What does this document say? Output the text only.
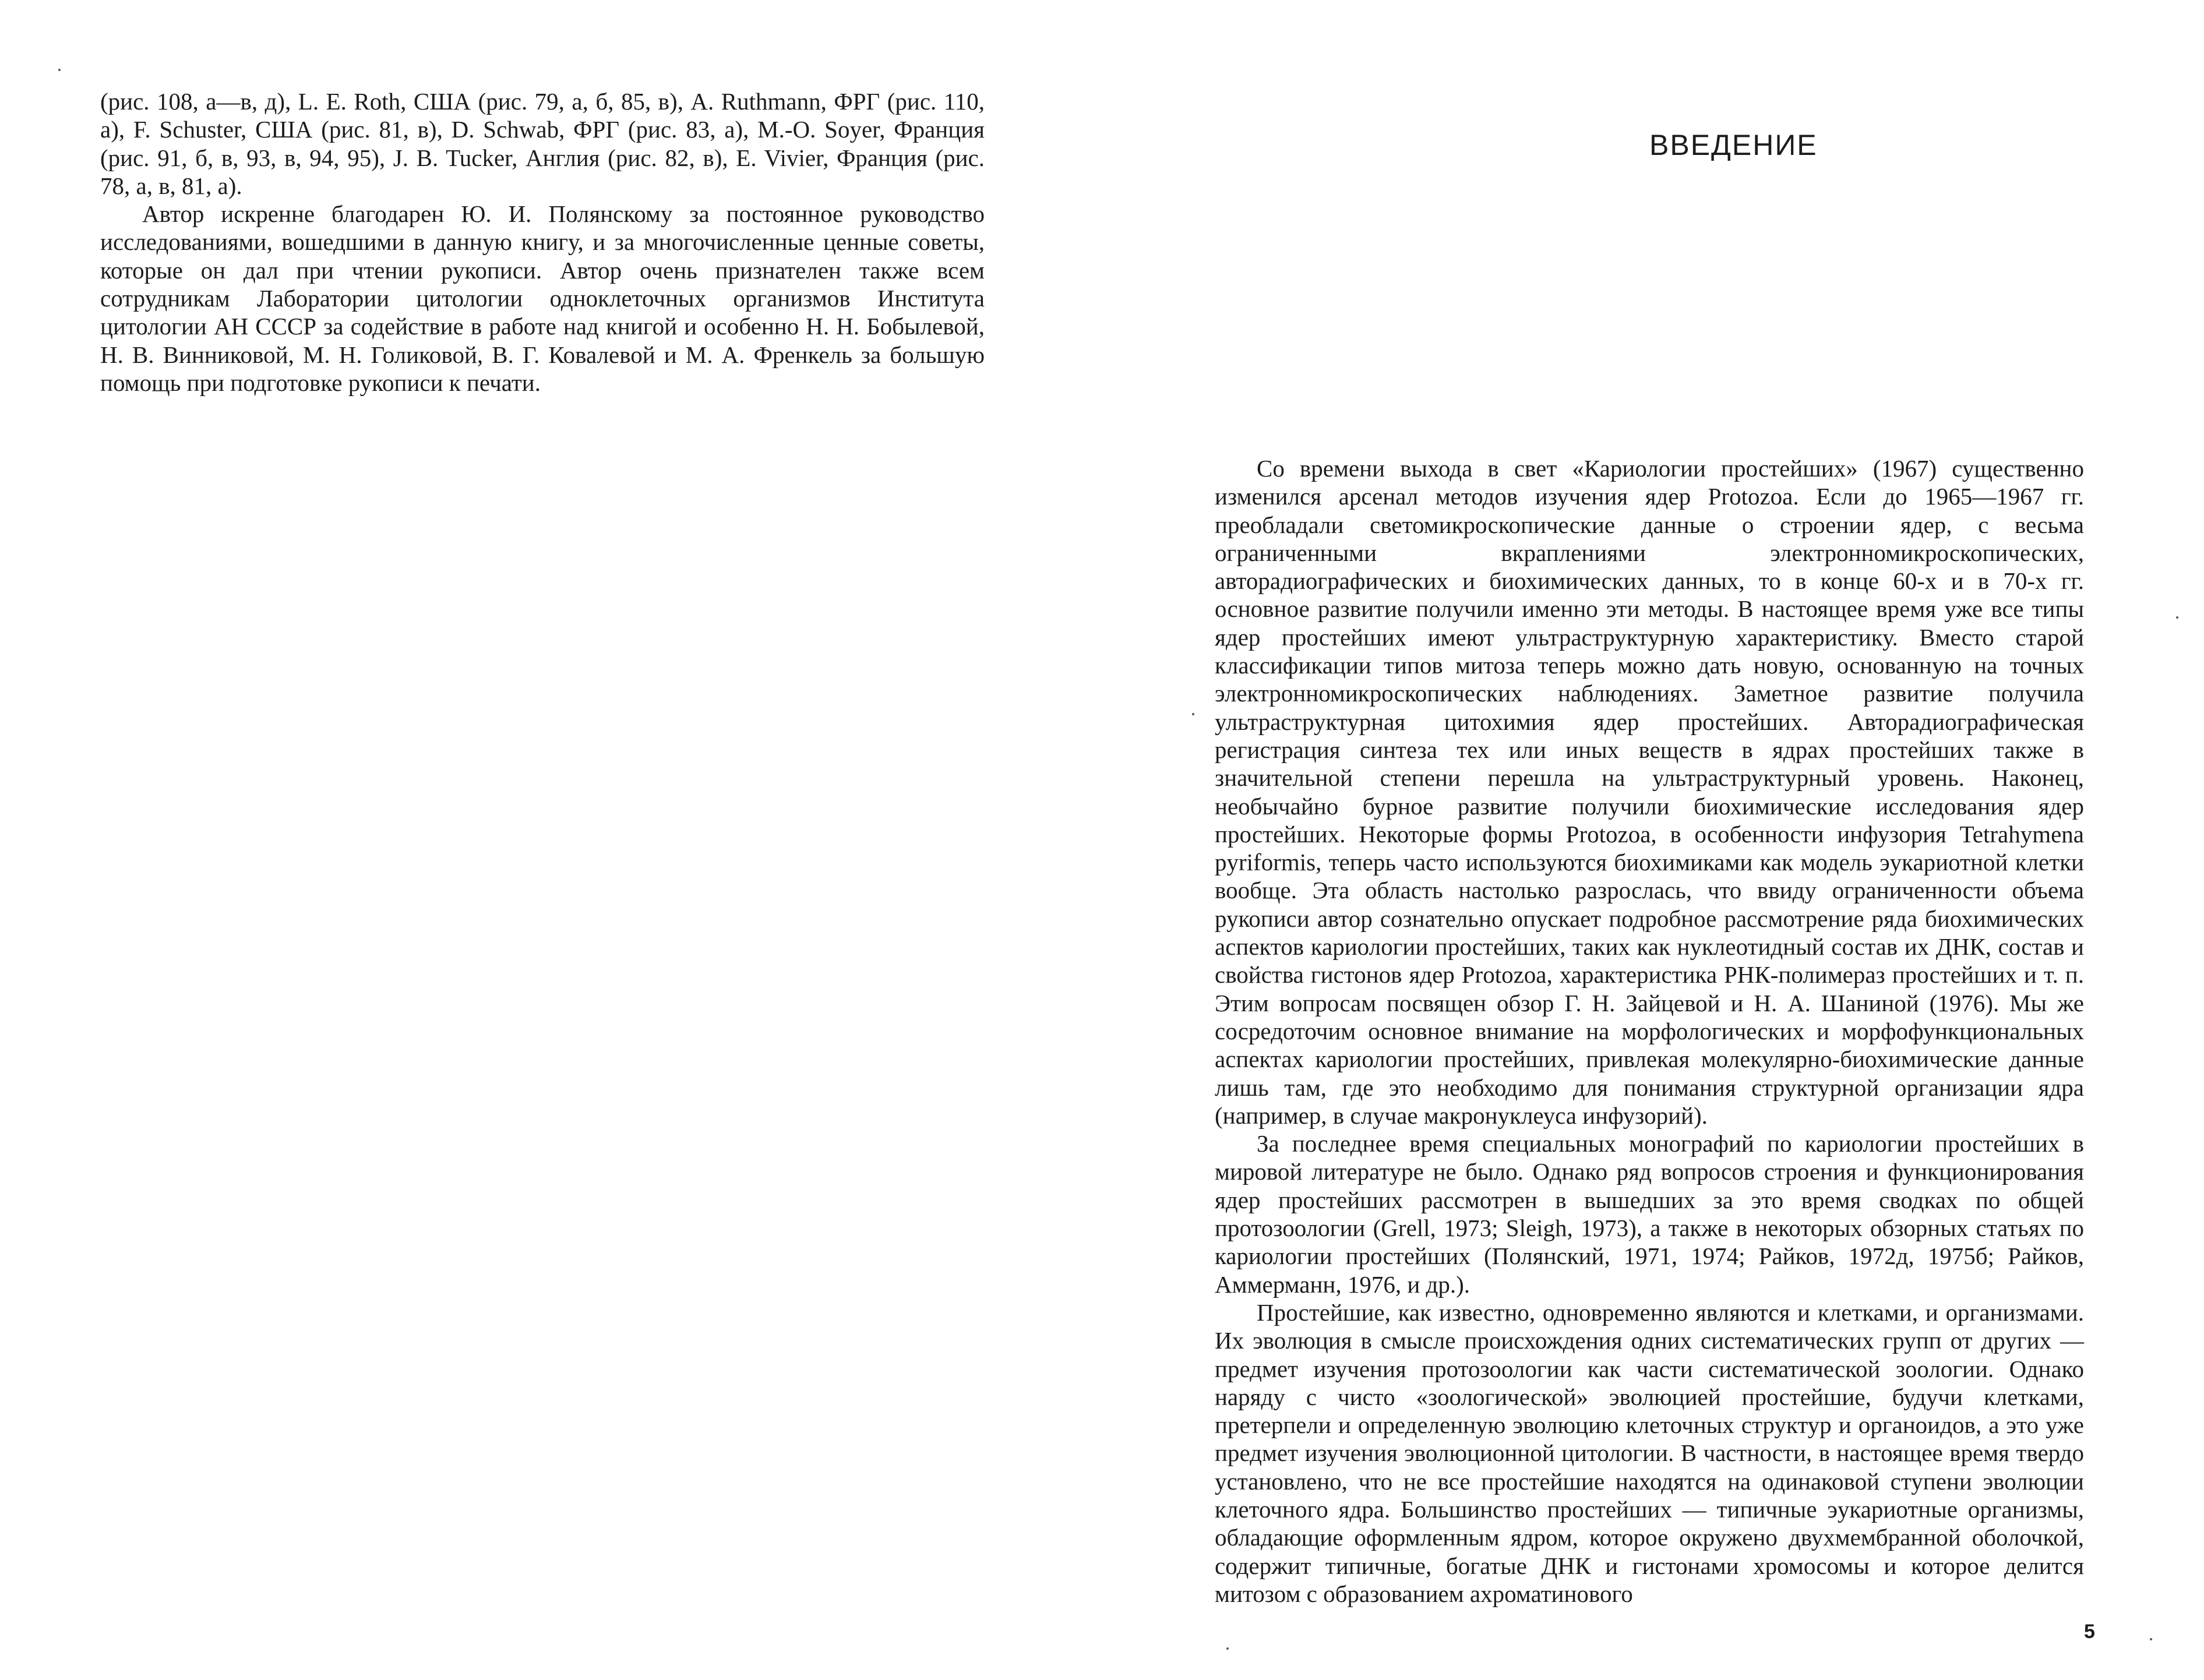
(рис. 108, а—в, д), L. E. Roth, США (рис. 79, а, б, 85, в), A. Ruthmann, ФРГ (рис. 110, а), F. Schuster, США (рис. 81, в), D. Schwab, ФРГ (рис. 83, а), M.-O. Soyer, Франция (рис. 91, б, в, 93, в, 94, 95), J. B. Tucker, Англия (рис. 82, в), E. Vivier, Франция (рис. 78, а, в, 81, а).

Автор искренне благодарен Ю. И. Полянскому за постоянное руководство исследованиями, вошедшими в данную книгу, и за многочисленные ценные советы, которые он дал при чтении рукописи. Автор очень признателен также всем сотрудникам Лаборатории цитологии одноклеточных организмов Института цитологии АН СССР за содействие в работе над книгой и особенно Н. Н. Бобылевой, Н. В. Винниковой, М. Н. Голиковой, В. Г. Ковалевой и М. А. Френкель за большую помощь при подготовке рукописи к печати.

ВВЕДЕНИЕ

Со времени выхода в свет «Кариологии простейших» (1967) существенно изменился арсенал методов изучения ядер Protozoa. Если до 1965—1967 гг. преобладали светомикроскопические данные о строении ядер, с весьма ограниченными вкраплениями электронномикроскопических, авторадиографических и биохимических данных, то в конце 60-х и в 70-х гг. основное развитие получили именно эти методы. В настоящее время уже все типы ядер простейших имеют ультраструктурную характеристику. Вместо старой классификации типов митоза теперь можно дать новую, основанную на точных электронномикроскопических наблюдениях. Заметное развитие получила ультраструктурная цитохимия ядер простейших. Авторадиографическая регистрация синтеза тех или иных веществ в ядрах простейших также в значительной степени перешла на ультраструктурный уровень. Наконец, необычайно бурное развитие получили биохимические исследования ядер простейших. Некоторые формы Protozoa, в особенности инфузория Tetrahymena pyriformis, теперь часто используются биохимиками как модель эукариотной клетки вообще. Эта область настолько разрослась, что ввиду ограниченности объема рукописи автор сознательно опускает подробное рассмотрение ряда биохимических аспектов кариологии простейших, таких как нуклеотидный состав их ДНК, состав и свойства гистонов ядер Protozoa, характеристика РНК-полимераз простейших и т. п. Этим вопросам посвящен обзор Г. Н. Зайцевой и Н. А. Шаниной (1976). Мы же сосредоточим основное внимание на морфологических и морфофункциональных аспектах кариологии простейших, привлекая молекулярно-биохимические данные лишь там, где это необходимо для понимания структурной организации ядра (например, в случае макронуклеуса инфузорий).

За последнее время специальных монографий по кариологии простейших в мировой литературе не было. Однако ряд вопросов строения и функционирования ядер простейших рассмотрен в вышедших за это время сводках по общей протозоологии (Grell, 1973; Sleigh, 1973), а также в некоторых обзорных статьях по кариологии простейших (Полянский, 1971, 1974; Райков, 1972д, 1975б; Райков, Аммерманн, 1976, и др.).

Простейшие, как известно, одновременно являются и клетками, и организмами. Их эволюция в смысле происхождения одних систематических групп от других — предмет изучения протозоологии как части систематической зоологии. Однако наряду с чисто «зоологической» эволюцией простейшие, будучи клетками, претерпели и определенную эволюцию клеточных структур и органоидов, а это уже предмет изучения эволюционной цитологии. В частности, в настоящее время твердо установлено, что не все простейшие находятся на одинаковой ступени эволюции клеточного ядра. Большинство простейших — типичные эукариотные организмы, обладающие оформленным ядром, которое окружено двухмембранной оболочкой, содержит типичные, богатые ДНК и гистонами хромосомы и которое делится митозом с образованием ахроматинового

5
